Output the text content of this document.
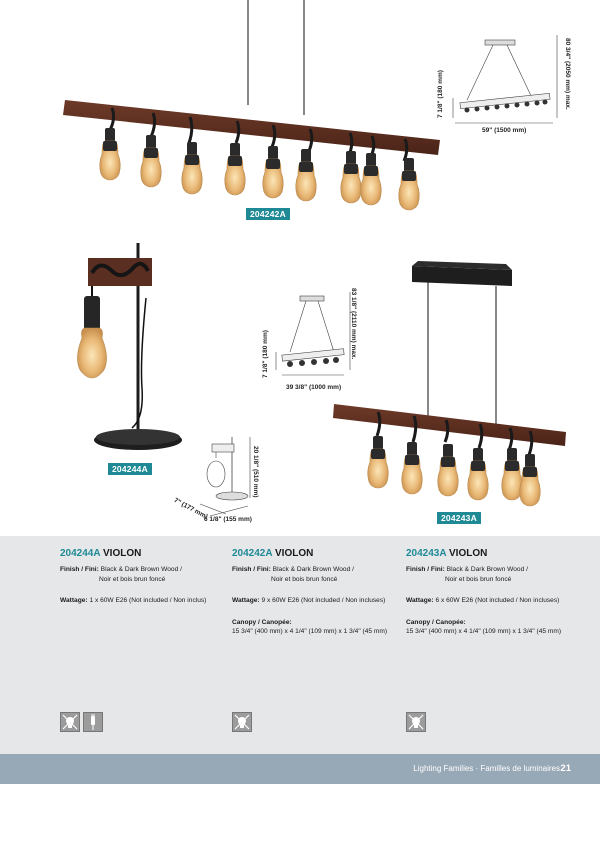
204242A
7 1/8" (180 mm)	80 3/4" (2050 mm) max.
59" (1500 mm)
204244A	20 1/8" (510 mm)
7" (177 mm)
6 1/8" (155 mm)
7 1/8" (180 mm)	83 1/8" (2110 mm) max.
39 3/8" (1000 mm)
204243A
204244A VIOLON

Finish / Fini: Black & Dark Brown Wood /

Noir et bois brun foncé

Wattage: 1 x 60W E26 (Not included / Non inclus)

204242A VIOLON

Finish / Fini: Black & Dark Brown Wood /

Noir et bois brun foncé

Wattage: 9 x 60W E26 (Not included / Non incluses)

Canopy / Canopée:

15 3/4" (400 mm) x 4 1/4" (109 mm) x 1 3/4" (45 mm)

204243A VIOLON

Finish / Fini: Black & Dark Brown Wood /

Noir et bois brun foncé

Wattage: 6 x 60W E26 (Not included / Non incluses)

Canopy / Canopée:

15 3/4" (400 mm) x 4 1/4" (109 mm) x 1 3/4" (45 mm)

Lighting Families · Familles de luminaires 21
